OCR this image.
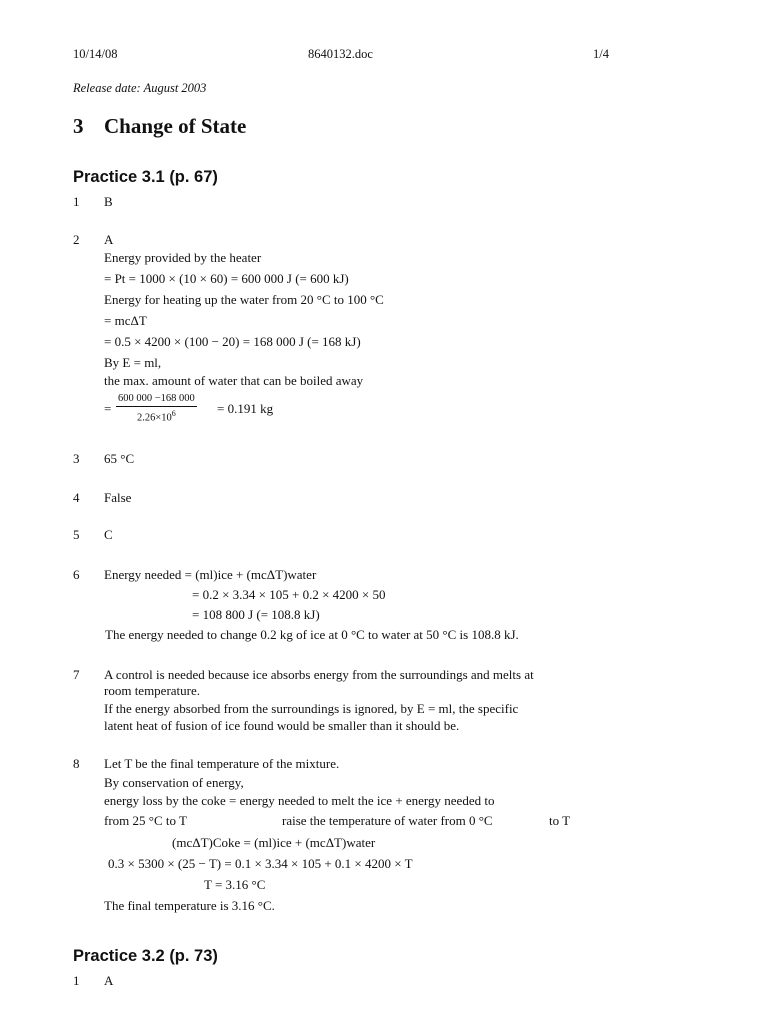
10/14/08	8640132.doc	1/4
Release date: August 2003
3 Change of State
Practice 3.1 (p. 67)
1 B
2 A
Energy provided by the heater
= Pt = 1000 × (10 × 60) = 600 000 J (= 600 kJ)
Energy for heating up the water from 20 °C to 100 °C
= mcΔT
= 0.5 × 4200 × (100 − 20) = 168 000 J (= 168 kJ)
By E = ml,
the max. amount of water that can be boiled away
= $\frac{600 000 -168 000}{2.26\times 10^6} = 0.191$ kg
3 65 °C
4 False
5 C
6 Energy needed = (ml)ice + (mcΔT)water
= 0.2 × 3.34 × 105 + 0.2 × 4200 × 50
= 108 800 J (= 108.8 kJ)
The energy needed to change 0.2 kg of ice at 0 °C to water at 50 °C is 108.8 kJ.
7 A control is needed because ice absorbs energy from the surroundings and melts at
room temperature.
If the energy absorbed from the surroundings is ignored, by E = ml, the specific
latent heat of fusion of ice found would be smaller than it should be.
8 Let T be the final temperature of the mixture.
By conservation of energy,
energy loss by the coke = energy needed to melt the ice + energy needed to
from 25 °C to T	raise the temperature of water from 0 °C	to T
(mcΔT)Coke = (ml)ice + (mcΔT)water
0.3 × 5300 × (25 − T) = 0.1 × 3.34 × 105 + 0.1 × 4200 × T
T = 3.16 °C
The final temperature is 3.16 °C.
Practice 3.2 (p. 73)
1 A
